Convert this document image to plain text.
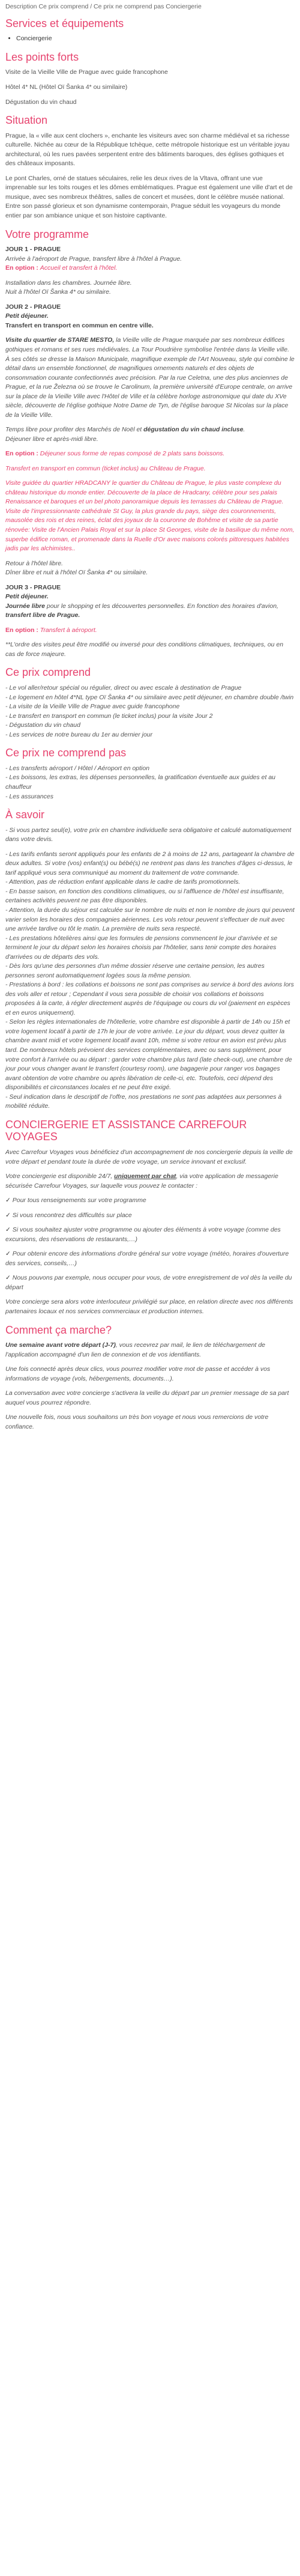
Description Ce prix comprend / Ce prix ne comprend pas Conciergerie
Services et équipements
• Conciergerie
Les points forts

Visite de la Vieille Ville de Prague avec guide francophone

Hôtel 4* NL (Hôtel Oï Šanka 4* ou similaire)

Dégustation du vin chaud

Situation

Prague, la « ville aux cent clochers », enchante les visiteurs avec son charme médiéval et sa richesse culturelle. Nichée au cœur de la République tchèque, cette métropole historique est un véritable joyau architectural, où les rues pavées serpentent entre des bâtiments baroques, des églises gothiques et des châteaux imposants.

Le pont Charles, orné de statues séculaires, relie les deux rives de la Vltava, offrant une vue imprenable sur les toits rouges et les dômes emblématiques. Prague est également une ville d'art et de musique, avec ses nombreux théâtres, salles de concert et musées, dont le célèbre musée national. Entre son passé glorieux et son dynamisme contemporain, Prague séduit les voyageurs du monde entier par son ambiance unique et son histoire captivante.

Votre programme

JOUR 1 - PRAGUE

Arrivée à l'aéroport de Prague, transfert libre à l'hôtel à Prague.

En option : Accueil et transfert à l'hôtel.

Installation dans les chambres. Journée libre.
Nuit à l'hôtel Oï Šanka 4* ou similaire.

JOUR 2 - PRAGUE

Petit déjeuner.

Transfert en transport en commun en centre ville.

Visite du quartier de STARE MESTO, la Vieille ville de Prague marquée par ses nombreux édifices gothiques et romans et ses rues médiévales. La Tour Poudrière symbolise l'entrée dans la Vieille ville. À ses côtés se dresse la Maison Municipale, magnifique exemple de l'Art Nouveau, style qui combine le détail dans un ensemble fonctionnel, de magnifiques ornements naturels et des objets de consommation courante confectionnés avec précision. Par la rue Celetna, une des plus anciennes de Prague, et la rue Železna où se trouve le Carolinum, la première université d'Europe centrale, on arrive sur la place de la Vieille Ville avec l'Hôtel de Ville et la célèbre horloge astronomique qui date du XVe siècle, découverte de l'église gothique Notre Dame de Tyn, de l'église baroque St Nicolas sur la place de la Vieille Ville.

Temps libre pour profiter des Marchés de Noël et dégustation du vin chaud incluse.

Déjeuner libre et après-midi libre.

En option : Déjeuner sous forme de repas composé de 2 plats sans boissons.

Transfert en transport en commun (ticket inclus) au Château de Prague.

Visite guidée du quartier HRADCANY le quartier du Château de Prague, le plus vaste complexe du château historique du monde entier. Découverte de la place de Hradcany, célèbre pour ses palais Renaissance et baroques et un bel photo panoramique depuis les terrasses du Château de Prague. Visite de l'impressionnante cathédrale St Guy, la plus grande du pays, siège des couronnements, mausolée des rois et des reines, éclat des joyaux de la couronne de Bohême et visite de sa partie rénovée: Visite de l'Ancien Palais Royal et sur la place St Georges, visite de la basilique du même nom, superbe édifice roman, et promenade dans la Ruelle d'Or avec maisons colorés pittoresques habitées jadis par les alchimistes..

Retour à l'hôtel libre.
Dîner libre et nuit à l'hôtel Oï Šanka 4* ou similaire.

JOUR 3 - PRAGUE

Petit déjeuner.

Journée libre pour le shopping et les découvertes personnelles. En fonction des horaires d'avion, transfert libre de Prague.

En option : Transfert à aéroport.

**L'ordre des visites peut être modifié ou inversé pour des conditions climatiques, techniques, ou en cas de force majeure.

Ce prix comprend

- Le vol aller/retour spécial ou régulier, direct ou avec escale à destination de Prague

- Le logement en hôtel 4*NL type Oï Šanka 4* ou similaire avec petit déjeuner, en chambre double /twin

- La visite de la Vieille Ville de Prague avec guide francophone

- Le transfert en transport en commun (le ticket inclus) pour la visite Jour 2

- Dégustation du vin chaud

- Les services de notre bureau du 1er au dernier jour

Ce prix ne comprend pas

- Les transferts aéroport / Hôtel / Aéroport en option

- Les boissons, les extras, les dépenses personnelles, la gratification éventuelle aux guides et au chauffeur

- Les assurances

À savoir

- Si vous partez seul(e), votre prix en chambre individuelle sera obligatoire et calculé automatiquement dans votre devis.

- Les tarifs enfants seront appliqués pour les enfants de 2 à moins de 12 ans, partageant la chambre de deux adultes. Si votre (vos) enfant(s) ou bébé(s) ne rentrent pas dans les tranches d'âges ci-dessus, le tarif appliqué vous sera communiqué au moment du traitement de votre commande.

- Attention, pas de réduction enfant applicable dans le cadre de tarifs promotionnels.

- En basse saison, en fonction des conditions climatiques, ou si l'affluence de l'hôtel est insuffisante, certaines activités peuvent ne pas être disponibles.

- Attention, la durée du séjour est calculée sur le nombre de nuits et non le nombre de jours qui peuvent varier selon les horaires des compagnies aériennes. Les vols retour peuvent s'effectuer de nuit avec une arrivée tardive ou tôt le matin. La première de nuits sera respecté.

- Les prestations hôtelières ainsi que les formules de pensions commencent le jour d'arrivée et se terminent le jour du départ selon les horaires choisis par l'hôtelier, sans tenir compte des horaires d'arrivées ou de départs des vols.

- Dès lors qu'une des personnes d'un même dossier réserve une certaine pension, les autres personnes seront automatiquement logées sous la même pension.

- Prestations à bord : les collations et boissons ne sont pas comprises au service à bord des avions lors des vols aller et retour ; Cependant il vous sera possible de choisir vos collations et boissons proposées à la carte, à régler directement auprès de l'équipage ou cours du vol (paiement en espèces et en euros uniquement).

- Selon les règles internationales de l'hôtellerie, votre chambre est disponible à partir de 14h ou 15h et votre logement locatif à partir de 17h le jour de votre arrivée. Le jour du départ, vous devez quitter la chambre avant midi et votre logement locatif avant 10h, même si votre retour en avion est prévu plus tard. De nombreux hôtels prévoient des services complémentaires, avec ou sans supplément, pour votre confort à l'arrivée ou au départ : garder votre chambre plus tard (late check-out), une chambre de jour pour vous changer avant le transfert (courtesy room), une bagagerie pour ranger vos bagages avant obtention de votre chambre ou après libération de celle-ci, etc. Toutefois, ceci dépend des disponibilités et circonstances locales et ne peut être exigé.

- Seul indication dans le descriptif de l'offre, nos prestations ne sont pas adaptées aux personnes à mobilité réduite.

CONCIERGERIE ET ASSISTANCE CARREFOUR VOYAGES

Avec Carrefour Voyages vous bénéficiez d'un accompagnement de nos conciergerie depuis la veille de votre départ et pendant toute la durée de votre voyage, un service innovant et exclusif.

Votre conciergerie est disponible 24/7, uniquement par chat, via votre application de messagerie sécurisée Carrefour Voyages, sur laquelle vous pouvez le contacter :

✓ Pour tous renseignements sur votre programme

✓ Si vous rencontrez des difficultés sur place

✓ Si vous souhaitez ajuster votre programme ou ajouter des éléments à votre voyage (comme des excursions, des réservations de restaurants,…)

✓ Pour obtenir encore des informations d'ordre général sur votre voyage (météo, horaires d'ouverture des services, conseils,…)

✓ Nous pouvons par exemple, nous occuper pour vous, de votre enregistrement de vol dès la veille du départ

Votre concierge sera alors votre interlocuteur privilégié sur place, en relation directe avec nos différents partenaires locaux et nos services commerciaux et production internes.

Comment ça marche?

Une semaine avant votre départ (J-7), vous recevrez par mail, le lien de téléchargement de l'application accompagné d'un lien de connexion et de vos identifiants.

Une fois connecté après deux clics, vous pourrez modifier votre mot de passe et accéder à vos informations de voyage (vols, hébergements, documents…).

La conversation avec votre concierge s'activera la veille du départ par un premier message de sa part auquel vous pourrez répondre.

Une nouvelle fois, nous vous souhaitons un très bon voyage et nous vous remercions de votre confiance.
